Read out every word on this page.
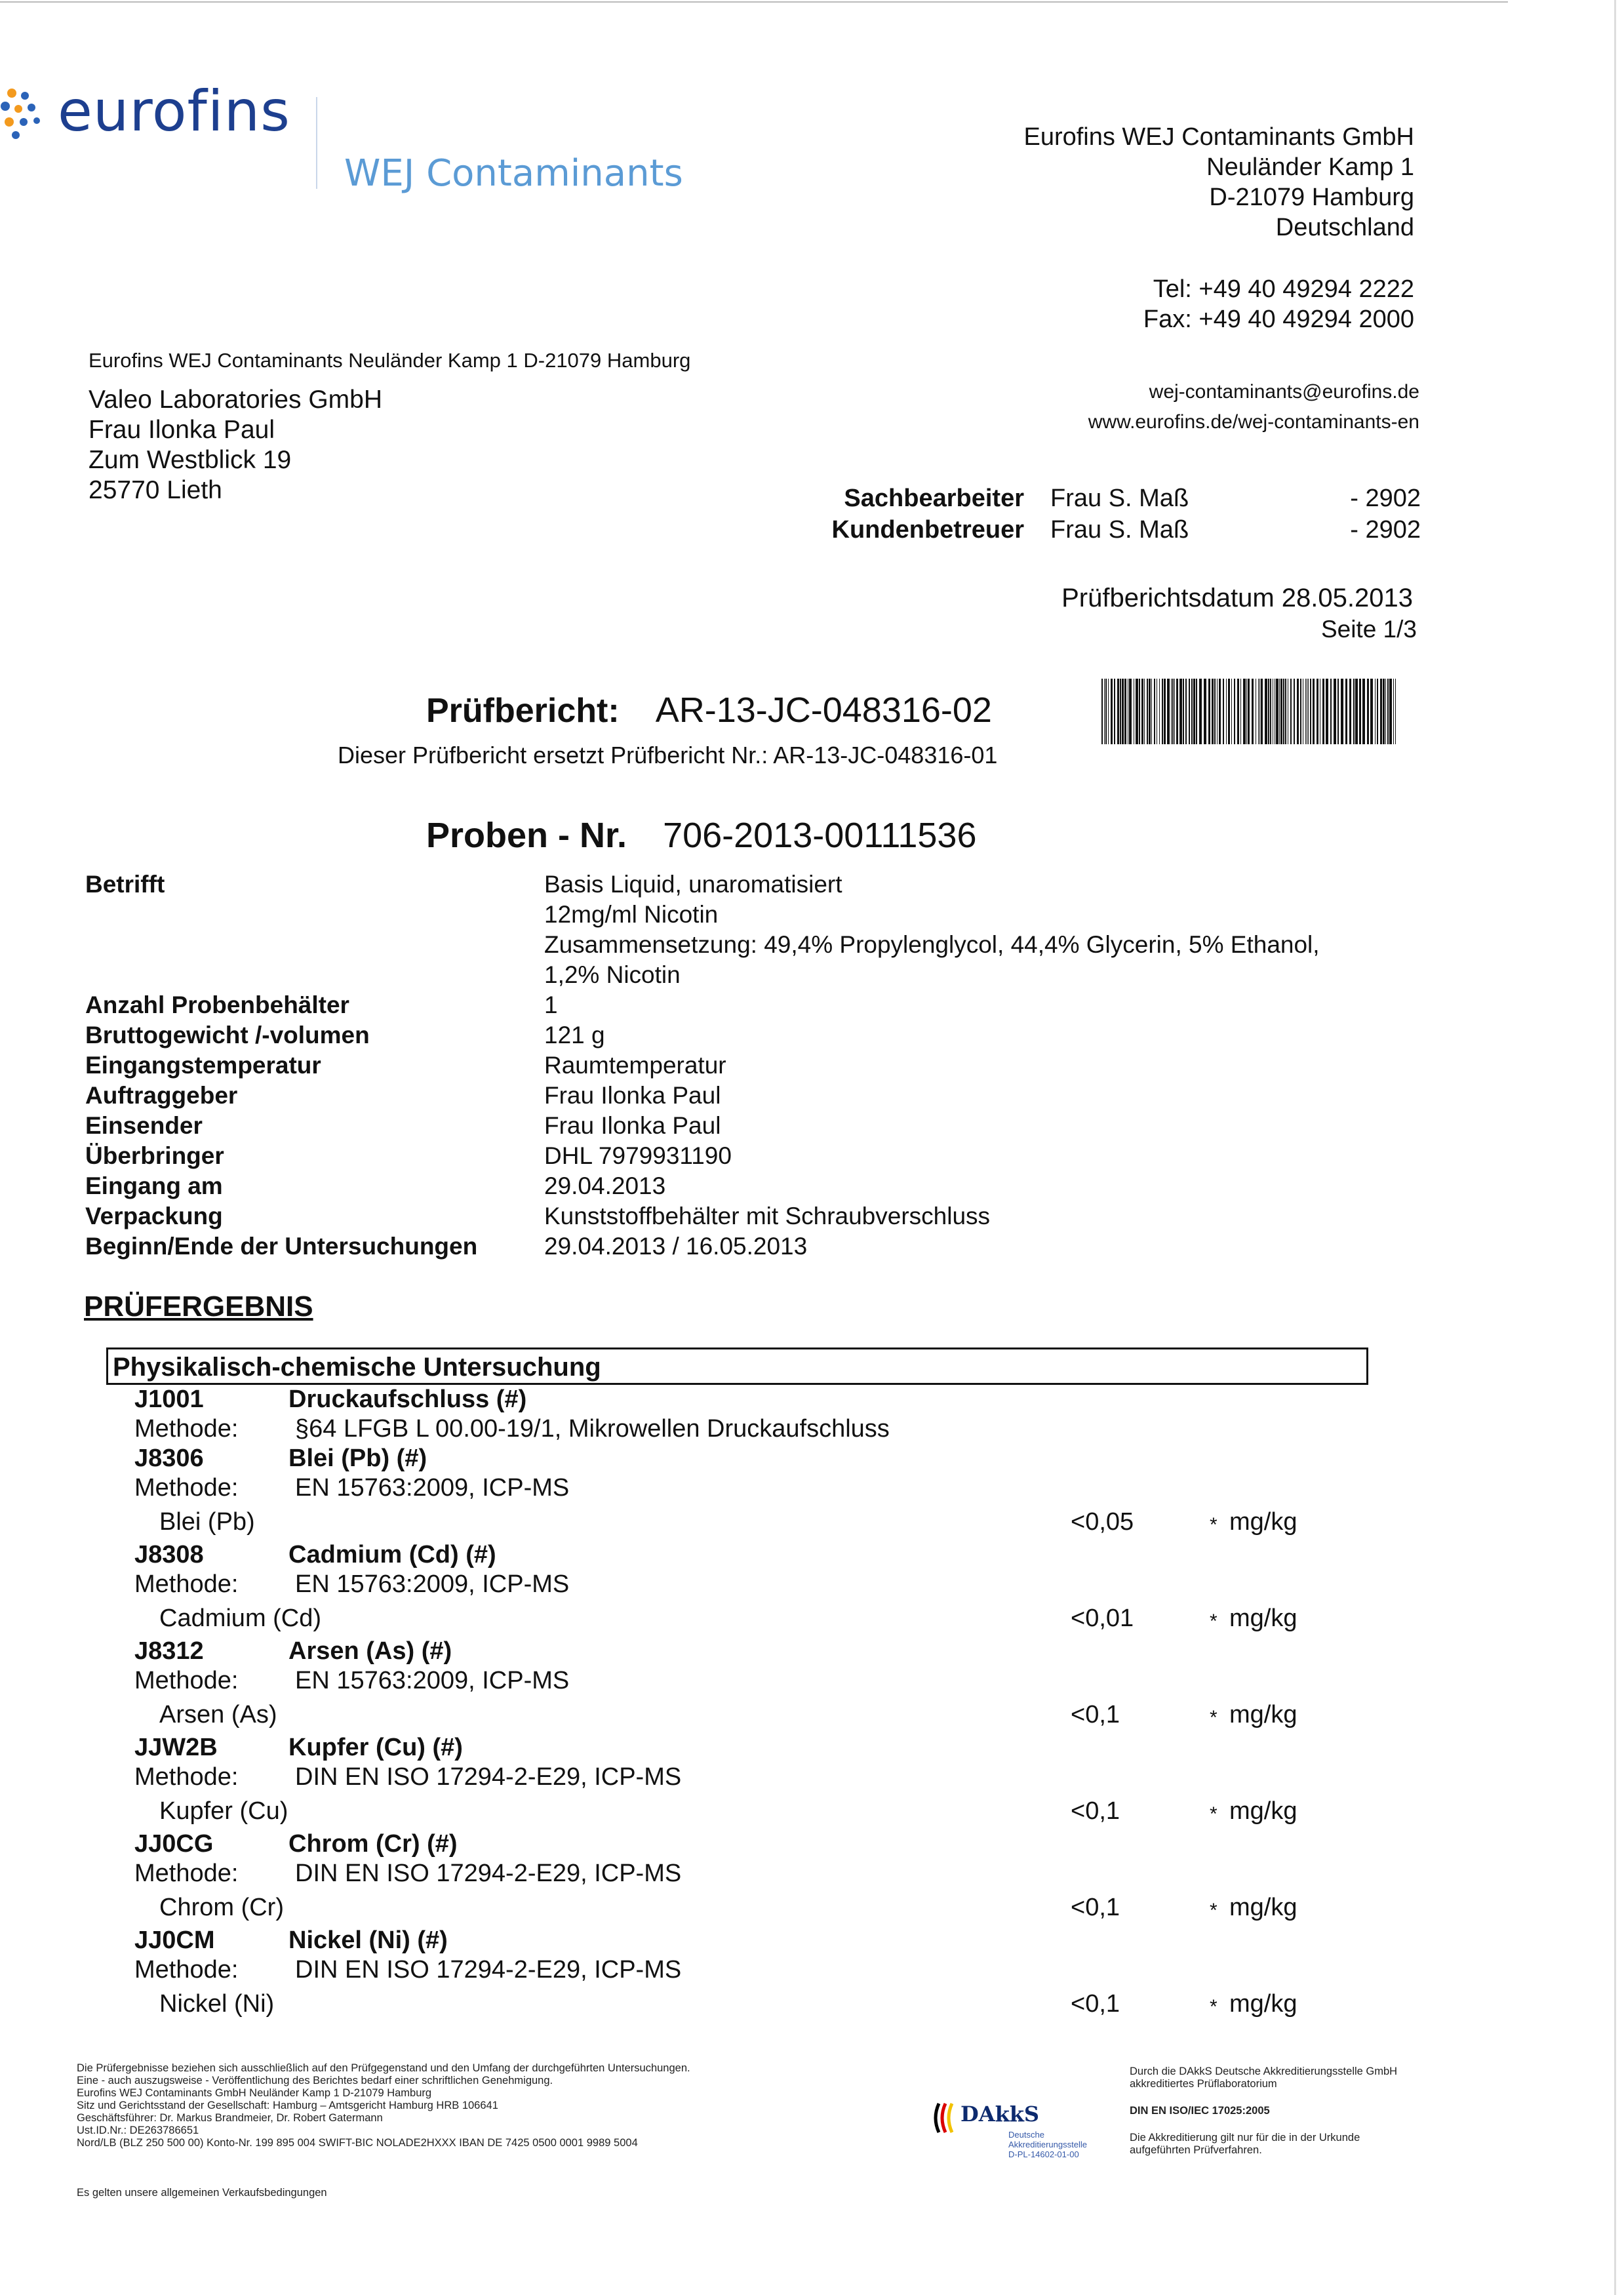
eurofins
WEJ Contaminants
Eurofins WEJ Contaminants GmbH
Neuländer Kamp 1
D-21079 Hamburg
Deutschland
Tel: +49 40 49294 2222
Fax: +49 40 49294 2000
wej-contaminants@eurofins.de
www.eurofins.de/wej-contaminants-en
Eurofins WEJ Contaminants Neuländer Kamp 1 D-21079 Hamburg
Valeo Laboratories GmbH
Frau Ilonka Paul
Zum Westblick 19
25770 Lieth	Sachbearbeiter Frau S. Maß	- 2902
Kundenbetreuer Frau S. Maß	- 2902
Prüfberichtsdatum 28.05.2013
Seite 1/3
Prüfbericht: AR-13-JC-048316-02
Dieser Prüfbericht ersetzt Prüfbericht Nr.: AR-13-JC-048316-01
Proben - Nr. 706-2013-00111536
Betrifft	Basis Liquid, unaromatisiert
12mg/ml Nicotin
Zusammensetzung: 49,4% Propylenglycol, 44,4% Glycerin, 5% Ethanol,
1,2% Nicotin
Anzahl Probenbehälter	1
Bruttogewicht /-volumen	121 g
Eingangstemperatur	Raumtemperatur
Auftraggeber	Frau Ilonka Paul
Einsender	Frau Ilonka Paul
Überbringer	DHL 7979931190
Eingang am	29.04.2013
Verpackung	Kunststoffbehälter mit Schraubverschluss
Beginn/Ende der Untersuchungen	29.04.2013 / 16.05.2013
PRÜFERGEBNIS
Physikalisch-chemische Untersuchung
J1001	Druckaufschluss (#)
Methode:	§64 LFGB L 00.00-19/1, Mikrowellen Druckaufschluss
J8306	Blei (Pb) (#)
Methode:	EN 15763:2009, ICP-MS
Blei (Pb)	<0,05	* mg/kg
J8308	Cadmium (Cd) (#)
Methode:	EN 15763:2009, ICP-MS
Cadmium (Cd)	<0,01	* mg/kg
J8312	Arsen (As) (#)
Methode:	EN 15763:2009, ICP-MS
Arsen (As)	<0,1	* mg/kg
JJW2B	Kupfer (Cu) (#)
Methode:	DIN EN ISO 17294-2-E29, ICP-MS
Kupfer (Cu)	<0,1	* mg/kg
JJ0CG	Chrom (Cr) (#)
Methode:	DIN EN ISO 17294-2-E29, ICP-MS
Chrom (Cr)	<0,1	* mg/kg
JJ0CM	Nickel (Ni) (#)
Methode:	DIN EN ISO 17294-2-E29, ICP-MS
Nickel (Ni)	<0,1	* mg/kg
Die Prüfergebnisse beziehen sich ausschließlich auf den Prüfgegenstand und den Umfang der durchgeführten Untersuchungen.
Eine - auch auszugsweise - Veröffentlichung des Berichtes bedarf einer schriftlichen Genehmigung.
Eurofins WEJ Contaminants GmbH Neuländer Kamp 1 D-21079 Hamburg
Sitz und Gerichtsstand der Gesellschaft: Hamburg – Amtsgericht Hamburg HRB 106641
Geschäftsführer: Dr. Markus Brandmeier, Dr. Robert Gatermann
Ust.ID.Nr.: DE263786651
Nord/LB (BLZ 250 500 00) Konto-Nr. 199 895 004 SWIFT-BIC NOLADE2HXXX IBAN DE 7425 0500 0001 9989 5004
Es gelten unsere allgemeinen Verkaufsbedingungen
DAkkS
Deutsche
Akkreditierungsstelle
D-PL-14602-01-00
Durch die DAkkS Deutsche Akkreditierungsstelle GmbH
akkreditiertes Prüflaboratorium
DIN EN ISO/IEC 17025:2005
Die Akkreditierung gilt nur für die in der Urkunde
aufgeführten Prüfverfahren.
